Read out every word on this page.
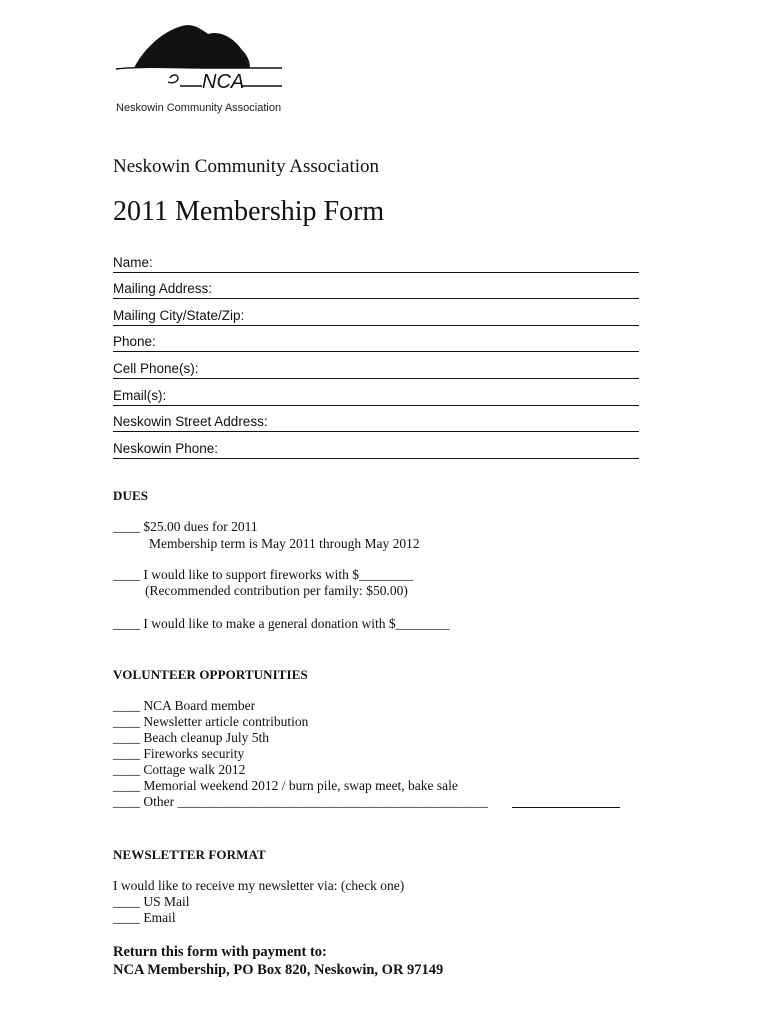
NCA
Neskowin Community Association
Neskowin Community Association
2011 Membership Form
Name:
Mailing Address:
Mailing City/State/Zip:
Phone:
Cell Phone(s):
Email(s):
Neskowin Street Address:
Neskowin Phone:
DUES
____ $25.00 dues for 2011
Membership term is May 2011 through May 2012
____ I would like to support fireworks with $________
(Recommended contribution per family: $50.00)
____ I would like to make a general donation with $________
VOLUNTEER OPPORTUNITIES
____ NCA Board member
____ Newsletter article contribution
____ Beach cleanup July 5th
____ Fireworks security
____ Cottage walk 2012
____ Memorial weekend 2012 / burn pile, swap meet, bake sale
____ Other ______________________________________________
NEWSLETTER FORMAT
I would like to receive my newsletter via: (check one)
____ US Mail
____ Email
Return this form with payment to:
NCA Membership, PO Box 820, Neskowin, OR 97149
